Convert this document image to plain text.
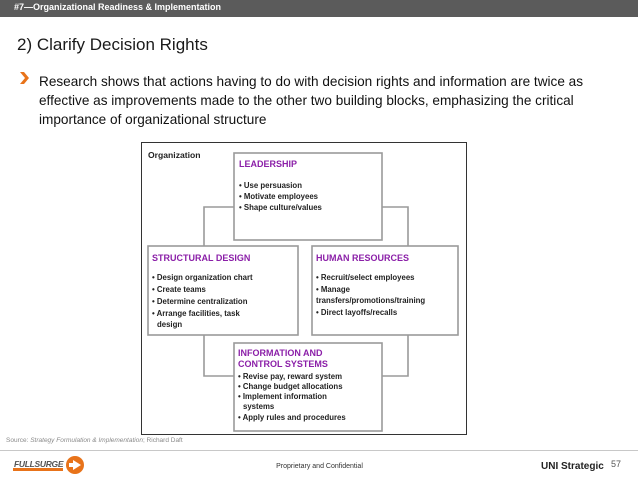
#7—Organizational Readiness & Implementation
2) Clarify Decision Rights
Research shows that actions having to do with decision rights and information are twice as effective as improvements made to the other two building blocks, emphasizing the critical importance of organizational structure
Organization
LEADERSHIP
• Use persuasion
• Motivate employees
• Shape culture/values
STRUCTURAL DESIGN
• Design organization chart
• Create teams
• Determine centralization
• Arrange facilities, task
design
HUMAN RESOURCES
• Recruit/select employees
• Manage
transfers/promotions/training
• Direct layoffs/recalls
INFORMATION AND
CONTROL SYSTEMS
• Revise pay, reward system
• Change budget allocations
• Implement information
systems
• Apply rules and procedures
Source: Strategy Formulation & Implementation; Richard Daft
FULLSURGE	Proprietary and Confidential	UNI Strategic 57
